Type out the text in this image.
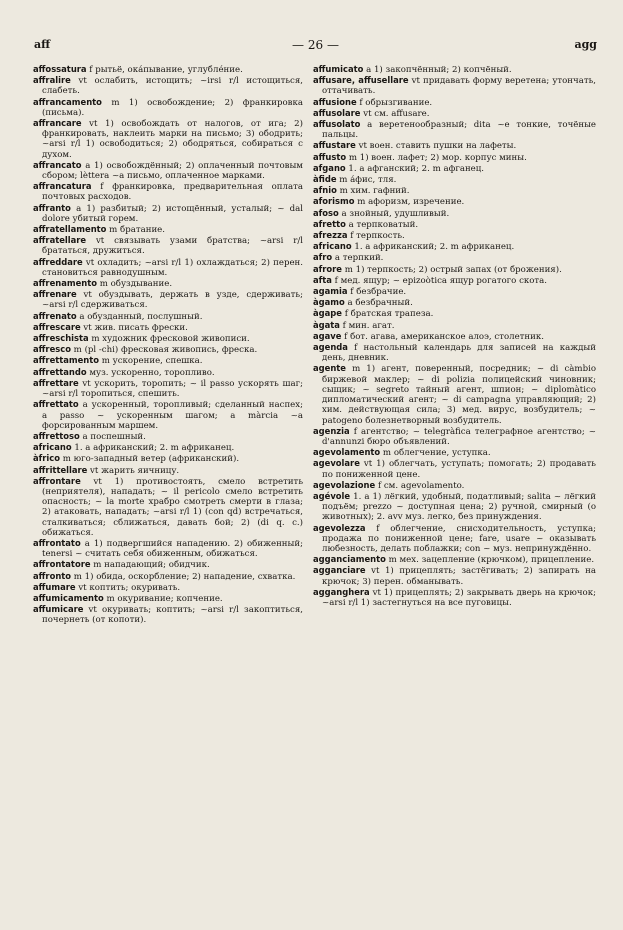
aff	— 26 —	agg

affossatura f рытьё, окáпывание, углублéние.

affralire vt ослабить, истощить; ~irsi r/l истощиться, слабеть.

affrancamento m 1) освобождение; 2) франкировка (письма).

affrancare vt 1) освобождать от налогов, от ига; 2) франкировать, наклеить марки на письмо; 3) ободрить; ~arsi r/l 1) освободиться; 2) ободряться, собираться с духом.

affrancato a 1) освобождённый; 2) оплаченный почтовым сбором; lèttera ~a письмо, оплаченное марками.

affrancatura f франкировка, предварительная оплата почтовых расходов.

affranto a 1) разбитый; 2) истощённый, усталый; ~ dal dolore убитый горем.

affratellamento m братание.

affratellare vt связывать узами братства; ~arsi r/l брататься, дружиться.

affreddare vt охладить; ~arsi r/l 1) охлаждаться; 2) перен. становиться равнодушным.

affrenamento m обуздывание.

affrenare vt обуздывать, держать в узде, сдерживать; ~arsi r/l сдерживаться.

affrenato a обузданный, послушный.

affrescare vt жив. писать фрески.

affreschista m художник фресковой живописи.

affresco m (pl -chi) фресковая живопись, фреска.

affrettamento m ускорение, спешка.

affrettando муз. ускоренно, торопливо.

affrettare vt ускорить, торопить; ~ il passo ускорять шаг; ~arsi r/l торопиться, спешить.

affrettato a ускоренный, торопливый; сделанный наспех; a passo ~ ускоренным шагом; a màrcia ~a форсированным маршем.

affrettoso a поспешный.

africano 1. a африканский; 2. m африканец.

àfrico m юго-западный ветер (африканский).

affrittellare vt жарить яичницу.

affrontare vt 1) противостоять, смело встретить (неприятеля), нападать; ~ il pericolo смело встретить опасность; ~ la morte храбро смотреть смерти в глаза; 2) атаковать, нападать; ~arsi r/l 1) (con qd) встречаться, сталкиваться; сближаться, давать бой; 2) (di q. c.) обижаться.

affrontato a 1) подвергшийся нападению. 2) обиженный; tenersi ~ считать себя обиженным, обижаться.

affrontatore m нападающий; обидчик.

affronto m 1) обида, оскорбление; 2) нападение, схватка.

affumare vt коптить; окуривать.

affumicamento m окуривание; копчение.

affumicare vt окуривать; коптить; ~arsi r/l закоптиться, почернеть (от копоти).

affumicato a 1) закопчённый; 2) копчёный.

affusare, affusellare vt придавать форму веретена; утончать, оттачивать.

affusione f обрызгивание.

affusolare vt см. affusare.

affusolato a веретенообразный; dita ~e тонкие, точёные пальцы.

affustare vt воен. ставить пушки на лафеты.

affusto m 1) воен. лафет; 2) мор. корпус мины.

afgano 1. a афганский; 2. m афганец.

àfide m áфис, тля.

afnio m хим. гафний.

aforismo m афоризм, изречение.

afoso a знойный, удушливый.

afretto a терпковатый.

afrezza f терпкость.

africano 1. a африканский; 2. m африканец.

afro a терпкий.

afrore m 1) терпкость; 2) острый запах (от брожения).

afta f мед. ящур; ~ epizoòtica ящур рогатого скота.

agamia f безбрачие.

àgamo a безбрачный.

àgape f братская трапеза.

àgata f мин. агат.

agave f бот. агава, американское алоэ, столетник.

agenda f настольный календарь для записей на каждый день, дневник.

agente m 1) агент, поверенный, посредник; ~ di càmbio биржевой маклер; ~ di polizia полицейский чиновник; сыщик; ~ segreto тайный агент, шпион; ~ diplomàtico дипломатический агент; ~ di campagna управляющий; 2) хим. действующая сила; 3) мед. вирус, возбудитель; ~ patogeno болезнетворный возбудитель.

agenzia f агентство; ~ telegràfica телеграфное агентство; ~ d'annunzi бюро объявлений.

agevolamento m облегчение, уступка.

agevolare vt 1) облегчать, уступать; помогать; 2) продавать по пониженной цене.

agevolazione f см. agevolamento.

agévole 1. a 1) лёгкий, удобный, податливый; salita ~ лёгкий подъём; prezzo ~ доступная цена; 2) ручной, смирный (о животных); 2. avv муз. легко, без принуждения.

agevolezza f облегчение, снисходительность, уступка; продажа по пониженной цене; fare, usare ~ оказывать любезность, делать поблажки; con ~ муз. непринуждённо.

agganciamento m мех. зацепление (крючком), прицепление.

agganciare vt 1) прицеплять; застёгивать; 2) запирать на крючок; 3) перен. обманывать.

agganghera vt 1) прицеплять; 2) закрывать дверь на крючок; ~arsi r/l 1) застегнуться на все пуговицы.
